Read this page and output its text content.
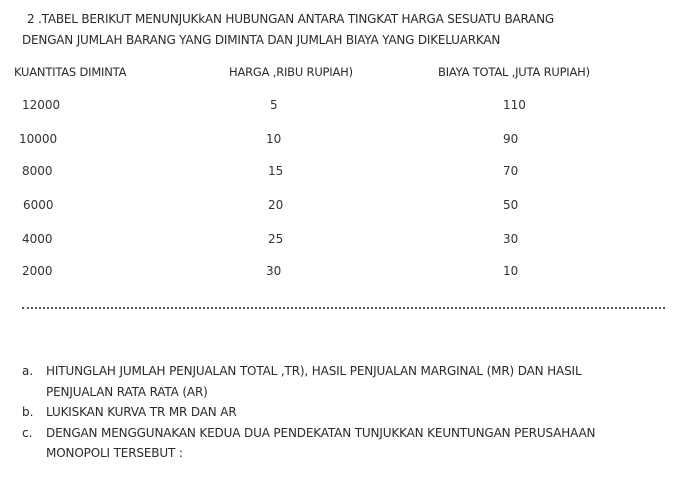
2 .TABEL BERIKUT MENUNJUKkAN HUBUNGAN ANTARA TINGKAT HARGA SESUATU BARANG
DENGAN JUMLAH BARANG YANG DIMINTA DAN JUMLAH BIAYA YANG DIKELUARKAN
KUANTITAS DIMINTA	HARGA ,RIBU RUPIAH)	BIAYA TOTAL ,JUTA RUPIAH)
12000	5	110
10000	10	90
8000	15	70
6000	20	50
4000	25	30
2000	30	10
a. HITUNGLAH JUMLAH PENJUALAN TOTAL ,TR), HASIL PENJUALAN MARGINAL (MR) DAN HASIL
PENJUALAN RATA RATA (AR)
b. LUKISKAN KURVA TR MR DAN AR
c. DENGAN MENGGUNAKAN KEDUA DUA PENDEKATAN TUNJUKKAN KEUNTUNGAN PERUSAHAAN
MONOPOLI TERSEBUT :
